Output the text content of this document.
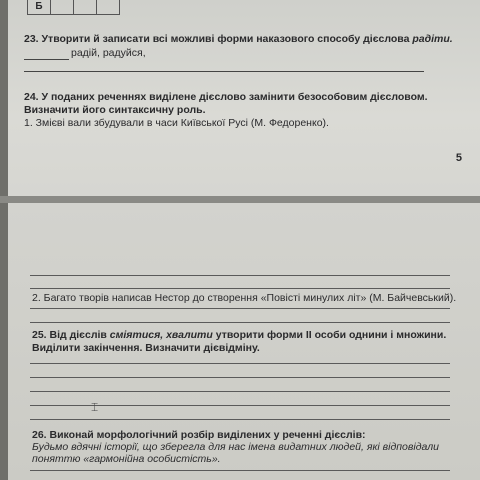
Б
23. Утворити й записати всі можливі форми наказового способу дієслова радіти.
радій, радуйся,
24. У поданих реченнях виділене дієслово замінити безособовим дієсловом.
Визначити його синтаксичну роль.
1. Змієві вали збудували в часи Київської Русі (М. Федоренко).
5
2. Багато творів написав Нестор до створення «Повісті минулих літ» (М. Байчевський).
25. Від дієслів сміятися, хвалити утворити форми ІІ особи однини і множини.
Виділити закінчення. Визначити дієвідміну.
⌶
26. Виконай морфологічний розбір виділених у реченні дієслів:
Будьмо вдячні історії, що зберегла для нас імена видатних людей, які відповідали
поняттю «гармонійна особистість».
